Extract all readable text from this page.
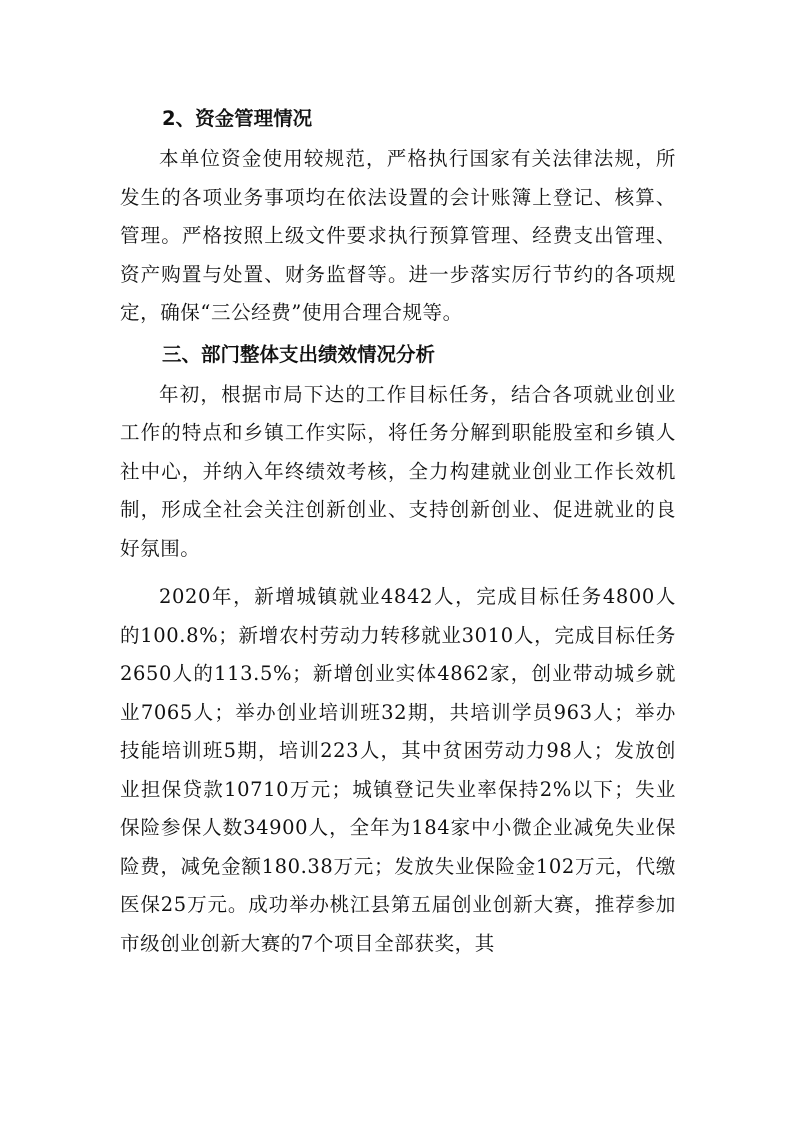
2、资金管理情况

本单位资金使用较规范，严格执行国家有关法律法规，所发生的各项业务事项均在依法设置的会计账簿上登记、核算、管理。严格按照上级文件要求执行预算管理、经费支出管理、资产购置与处置、财务监督等。进一步落实厉行节约的各项规定，确保“三公经费”使用合理合规等。

三、部门整体支出绩效情况分析

年初，根据市局下达的工作目标任务，结合各项就业创业工作的特点和乡镇工作实际，将任务分解到职能股室和乡镇人社中心，并纳入年终绩效考核，全力构建就业创业工作长效机制，形成全社会关注创新创业、支持创新创业、促进就业的良好氛围。

2020年，新增城镇就业4842人，完成目标任务4800人的100.8%；新增农村劳动力转移就业3010人，完成目标任务2650人的113.5%；新增创业实体4862家，创业带动城乡就业7065人；举办创业培训班32期，共培训学员963人；举办技能培训班5期，培训223人，其中贫困劳动力98人；发放创业担保贷款10710万元；城镇登记失业率保持2%以下；失业保险参保人数34900人，全年为184家中小微企业减免失业保险费，减免金额180.38万元；发放失业保险金102万元，代缴医保25万元。成功举办桃江县第五届创业创新大赛，推荐参加市级创业创新大赛的7个项目全部获奖，其
